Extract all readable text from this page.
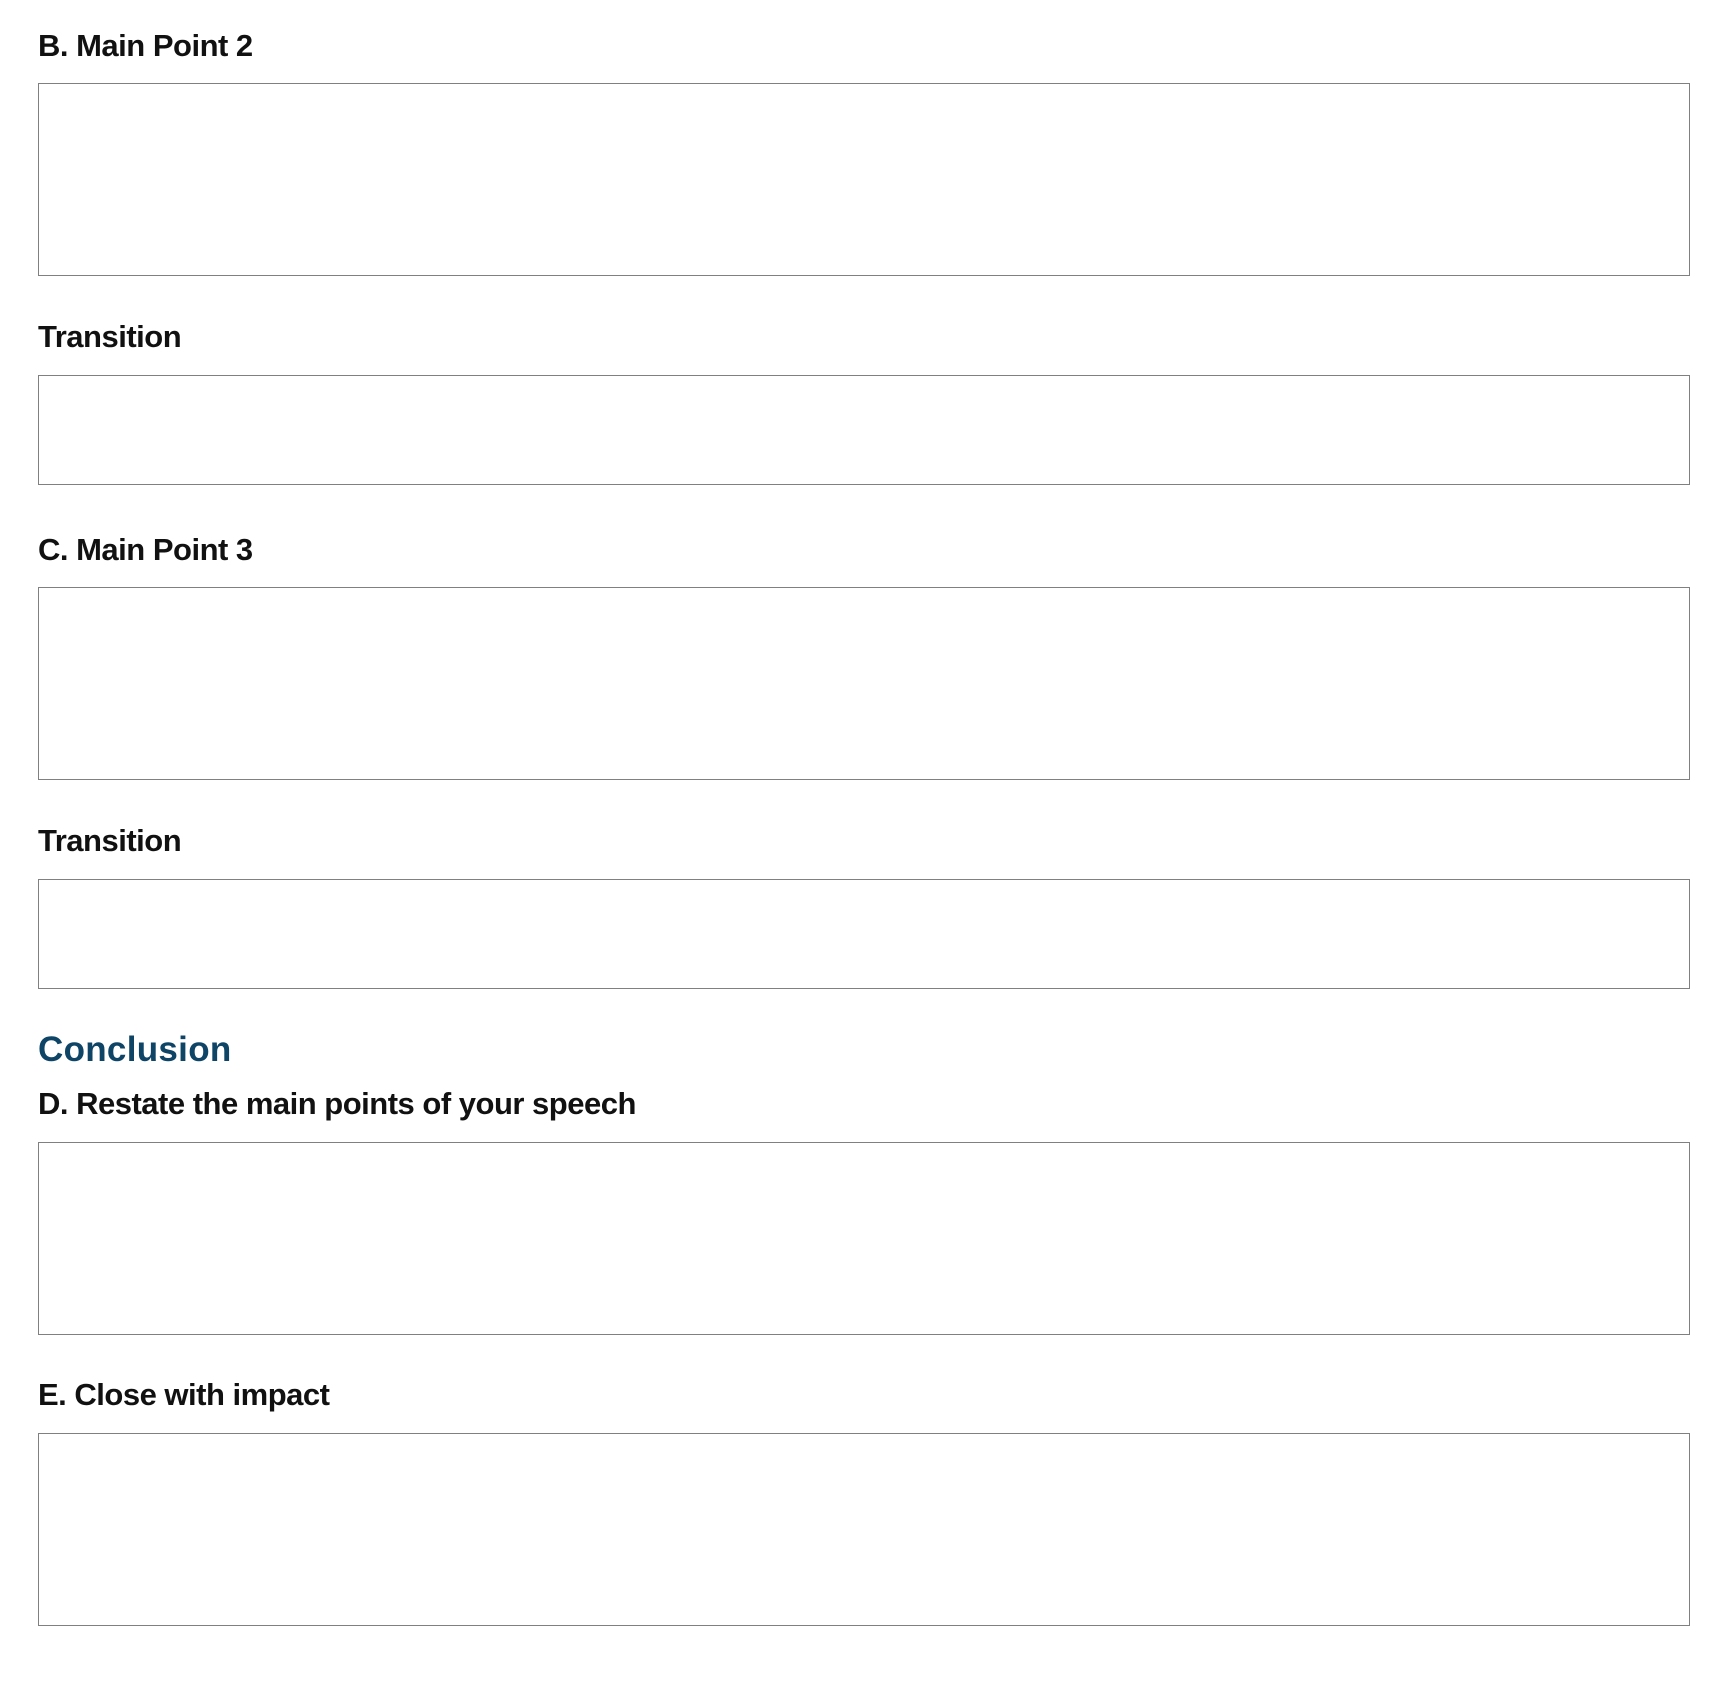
B. Main Point 2
Transition
C. Main Point 3
Transition
Conclusion
D. Restate the main points of your speech
E. Close with impact
